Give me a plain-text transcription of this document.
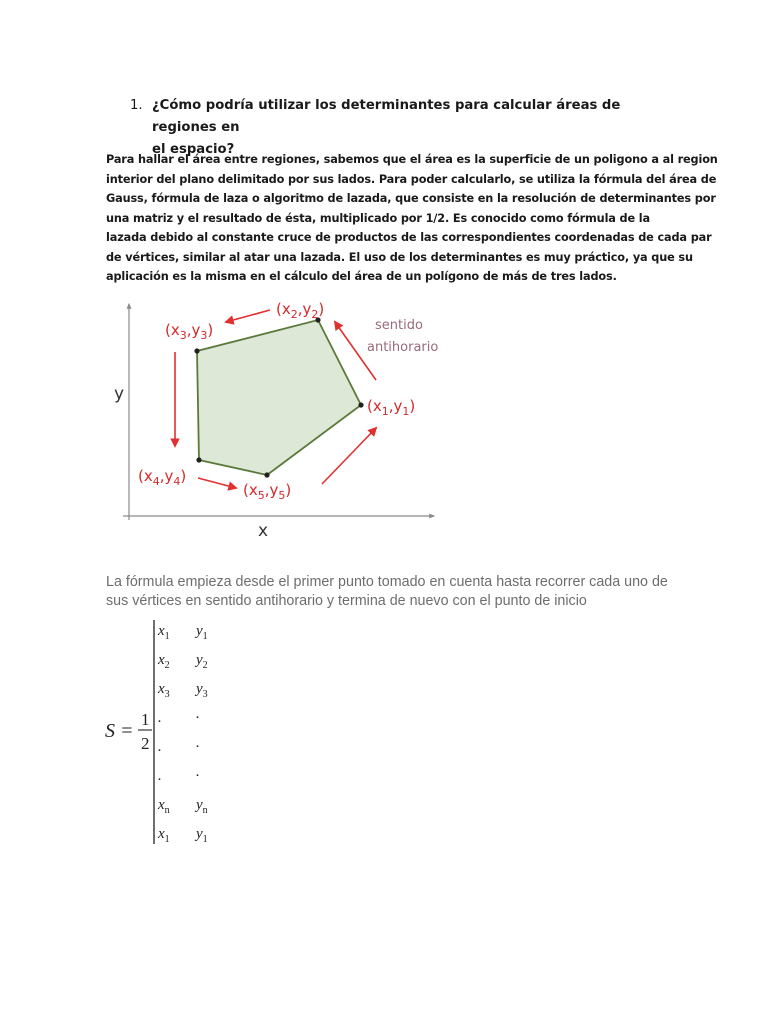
1. ¿Cómo podría utilizar los determinantes para calcular áreas de regiones en
el espacio?
Para hallar el área entre regiones, sabemos que el área es la superficie de un poligono a al region
interior del plano delimitado por sus lados. Para poder calcularlo, se utiliza la fórmula del área de
Gauss, fórmula de laza o algoritmo de lazada, que consiste en la resolución de determinantes por
una matriz y el resultado de ésta, multiplicado por 1/2. Es conocido como fórmula de la
lazada debido al constante cruce de productos de las correspondientes coordenadas de cada par
de vértices, similar al atar una lazada. El uso de los determinantes es muy práctico, ya que su
aplicación es la misma en el cálculo del área de un polígono de más de tres lados.
y
x
sentido
antihorario
$(x_1,y_1)$
$(x_2,y_2)$
$(x_3,y_3)$
$(x_4,y_4)$
$(x_5,y_5)$
La fórmula empieza desde el primer punto tomado en cuenta hasta recorrer cada uno de
sus vértices en sentido antihorario y termina de nuevo con el punto de inicio
S =
1
2
$x_1$ $y_1$
$x_2$ $y_2$
$x_3$ $y_3$
. .
. .
. .
$x_n$ $y_n$
$x_1$ $y_1$
